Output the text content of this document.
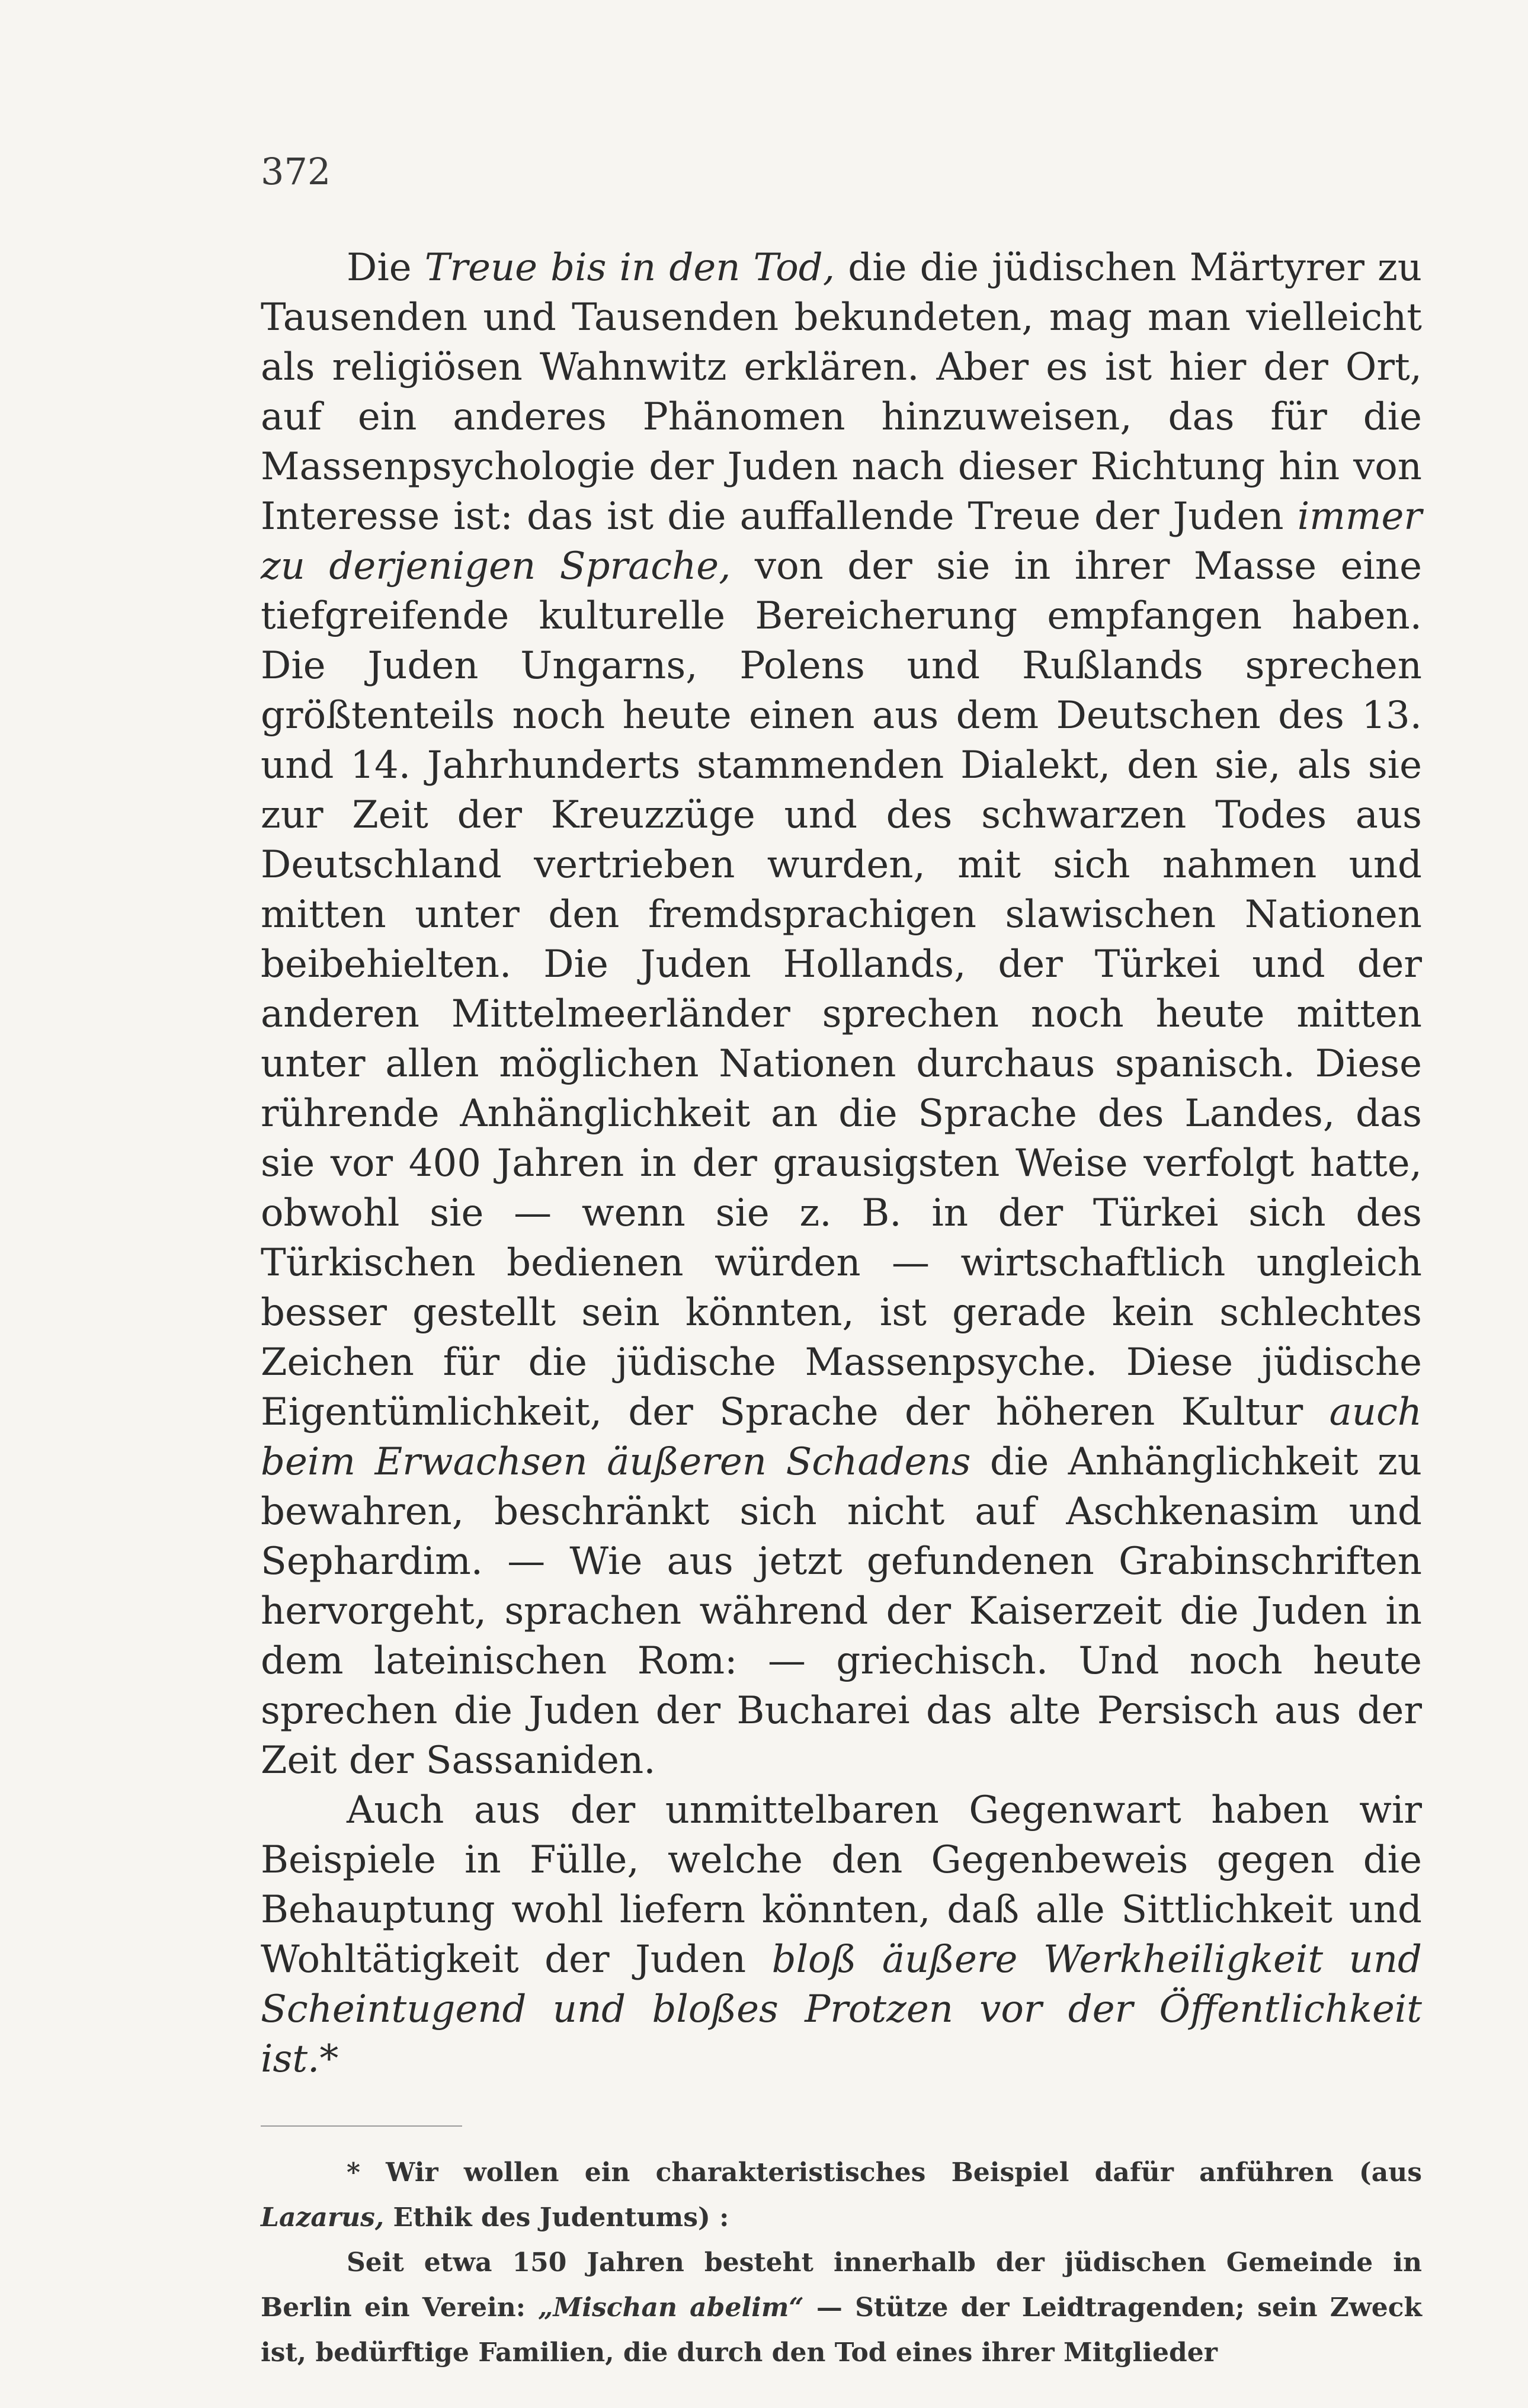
372

Die Treue bis in den Tod, die die jüdischen Märtyrer zu Tausenden und Tausenden bekundeten, mag man vielleicht als religiösen Wahnwitz erklären. Aber es ist hier der Ort, auf ein anderes Phänomen hinzuweisen, das für die Massenpsychologie der Juden nach dieser Richtung hin von Interesse ist: das ist die auffallende Treue der Juden immer zu derjenigen Sprache, von der sie in ihrer Masse eine tiefgreifende kulturelle Bereicherung empfangen haben. Die Juden Ungarns, Polens und Rußlands sprechen größtenteils noch heute einen aus dem Deutschen des 13. und 14. Jahrhunderts stammenden Dialekt, den sie, als sie zur Zeit der Kreuzzüge und des schwarzen Todes aus Deutschland vertrieben wurden, mit sich nahmen und mitten unter den fremdsprachigen slawischen Nationen beibehielten. Die Juden Hollands, der Türkei und der anderen Mittelmeerländer sprechen noch heute mitten unter allen möglichen Nationen durchaus spanisch. Diese rührende Anhänglichkeit an die Sprache des Landes, das sie vor 400 Jahren in der grausigsten Weise verfolgt hatte, obwohl sie — wenn sie z. B. in der Türkei sich des Türkischen bedienen würden — wirtschaftlich ungleich besser gestellt sein könnten, ist gerade kein schlechtes Zeichen für die jüdische Massenpsyche. Diese jüdische Eigentümlichkeit, der Sprache der höheren Kultur auch beim Erwachsen äußeren Schadens die Anhänglichkeit zu bewahren, beschränkt sich nicht auf Aschkenasim und Sephardim. — Wie aus jetzt gefundenen Grabinschriften hervorgeht, sprachen während der Kaiserzeit die Juden in dem lateinischen Rom: — griechisch. Und noch heute sprechen die Juden der Bucharei das alte Persisch aus der Zeit der Sassaniden.

Auch aus der unmittelbaren Gegenwart haben wir Beispiele in Fülle, welche den Gegenbeweis gegen die Behauptung wohl liefern könnten, daß alle Sittlichkeit und Wohltätigkeit der Juden bloß äußere Werkheiligkeit und Scheintugend und bloßes Protzen vor der Öffentlichkeit ist.*

* Wir wollen ein charakteristisches Beispiel dafür anführen (aus Lazarus, Ethik des Judentums) :

Seit etwa 150 Jahren besteht innerhalb der jüdischen Gemeinde in Berlin ein Verein: „Mischan abelim“ — Stütze der Leidtragenden; sein Zweck ist, bedürftige Familien, die durch den Tod eines ihrer Mitglieder
